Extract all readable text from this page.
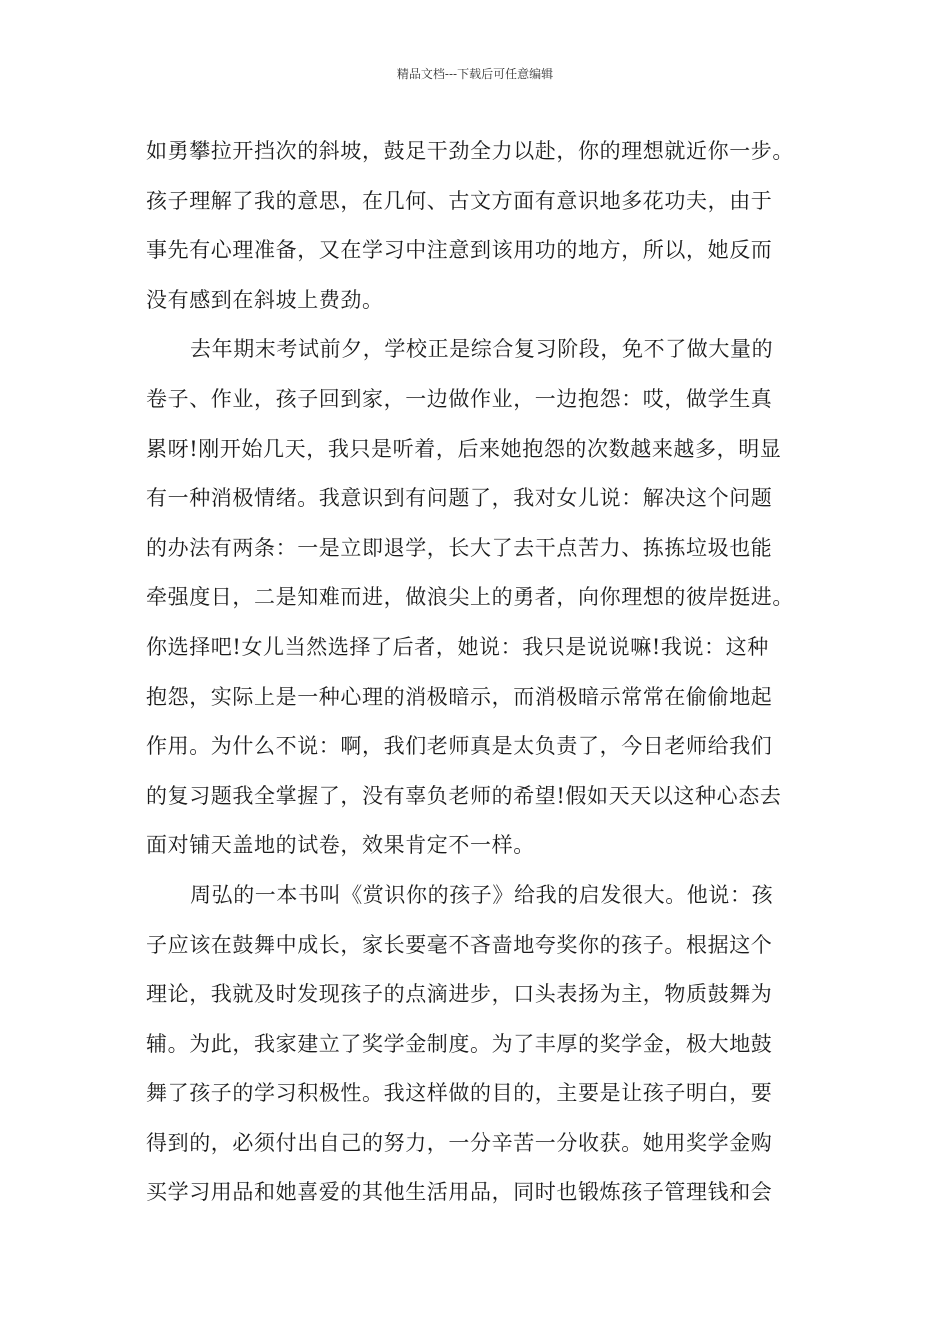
精品文档---下载后可任意编辑
如勇攀拉开挡次的斜坡，鼓足干劲全力以赴，你的理想就近你一步。
孩子理解了我的意思，在几何、古文方面有意识地多花功夫，由于
事先有心理准备，又在学习中注意到该用功的地方，所以，她反而
没有感到在斜坡上费劲。
去年期末考试前夕，学校正是综合复习阶段，免不了做大量的
卷子、作业，孩子回到家，一边做作业，一边抱怨：哎，做学生真
累呀!刚开始几天，我只是听着，后来她抱怨的次数越来越多，明显
有一种消极情绪。我意识到有问题了，我对女儿说：解决这个问题
的办法有两条：一是立即退学，长大了去干点苦力、拣拣垃圾也能
牵强度日，二是知难而进，做浪尖上的勇者，向你理想的彼岸挺进。
你选择吧!女儿当然选择了后者，她说：我只是说说嘛!我说：这种
抱怨，实际上是一种心理的消极暗示，而消极暗示常常在偷偷地起
作用。为什么不说：啊，我们老师真是太负责了，今日老师给我们
的复习题我全掌握了，没有辜负老师的希望!假如天天以这种心态去
面对铺天盖地的试卷，效果肯定不一样。
周弘的一本书叫《赏识你的孩子》给我的启发很大。他说：孩
子应该在鼓舞中成长，家长要毫不吝啬地夸奖你的孩子。根据这个
理论，我就及时发现孩子的点滴进步，口头表扬为主，物质鼓舞为
辅。为此，我家建立了奖学金制度。为了丰厚的奖学金，极大地鼓
舞了孩子的学习积极性。我这样做的目的，主要是让孩子明白，要
得到的，必须付出自己的努力，一分辛苦一分收获。她用奖学金购
买学习用品和她喜爱的其他生活用品，同时也锻炼孩子管理钱和会
